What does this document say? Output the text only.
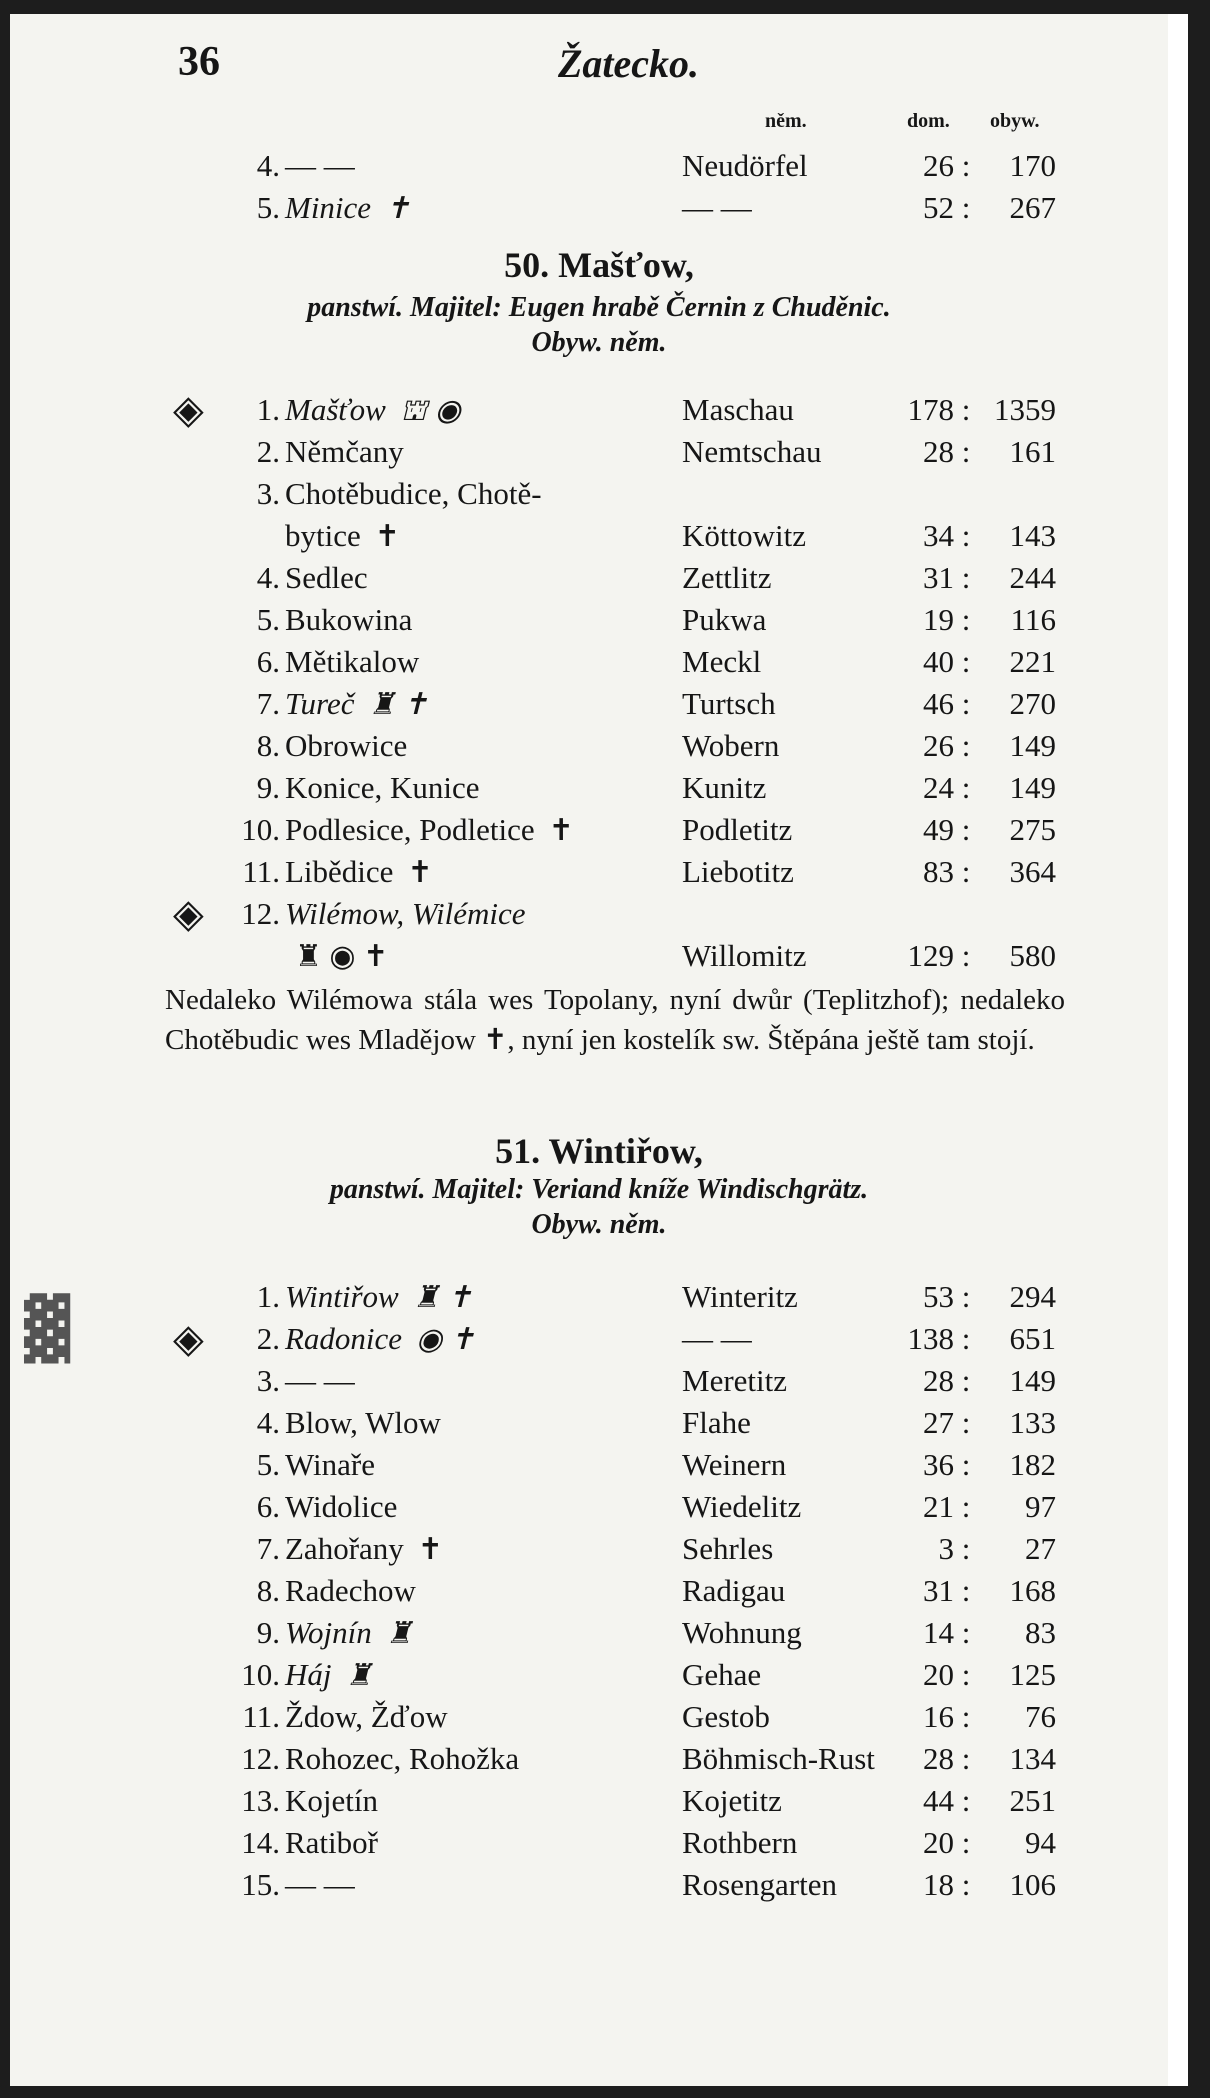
36	Žatecko.
něm.	dom. obyw.
4. — —	Neudörfel	26 :	170
5. Minice ✝	— —	52 :	267
50. Mašťow,
panstwí. Majitel: Eugen hrabě Černin z Chuděnic.
Obyw. něm.
◈	1. Mašťow ⛫ ◉	Maschau	178 : 1359
2. Němčany	Nemtschau	28 :	161
3. Chotěbudice, Chotě-
bytice ✝	Köttowitz	34 :	143
4. Sedlec	Zettlitz	31 :	244
5. Bukowina	Pukwa	19 :	116
6. Mětikalow	Meckl	40 :	221
7. Tureč ♜ ✝	Turtsch	46 :	270
8. Obrowice	Wobern	26 :	149
9. Konice, Kunice	Kunitz	24 :	149
10. Podlesice, Podletice ✝	Podletitz	49 :	275
11. Libědice ✝	Liebotitz	83 :	364
◈	12. Wilémow, Wilémice
♜ ◉ ✝	Willomitz	129 :	580
Nedaleko Wilémowa stála wes Topolany, nyní dwůr (Teplitzhof); nedaleko Chotěbudic wes Mladějow ✝, nyní jen kostelík sw. Štěpána ještě tam stojí.
51. Wintiřow,
panstwí. Majitel: Veriand kníže Windischgrätz.
Obyw. něm.
1. Wintiřow ♜ ✝	Winteritz	53 :	294
◈	2. Radonice ◉ ✝	— —	138 :	651
3. — —	Meretitz	28 :	149
4. Blow, Wlow	Flahe	27 :	133
5. Winaře	Weinern	36 :	182
6. Widolice	Wiedelitz	21 :	97
7. Zahořany ✝	Sehrles	3 :	27
8. Radechow	Radigau	31 :	168
9. Wojnín ♜	Wohnung	14 :	83
10. Háj ♜	Gehae	20 :	125
11. Ždow, Žďow	Gestob	16 :	76
12. Rohozec, Rohožka	Böhmisch-Rust	28 :	134
13. Kojetín	Kojetitz	44 :	251
14. Ratiboř	Rothbern	20 :	94
15. — —	Rosengarten	18 :	106
▓
